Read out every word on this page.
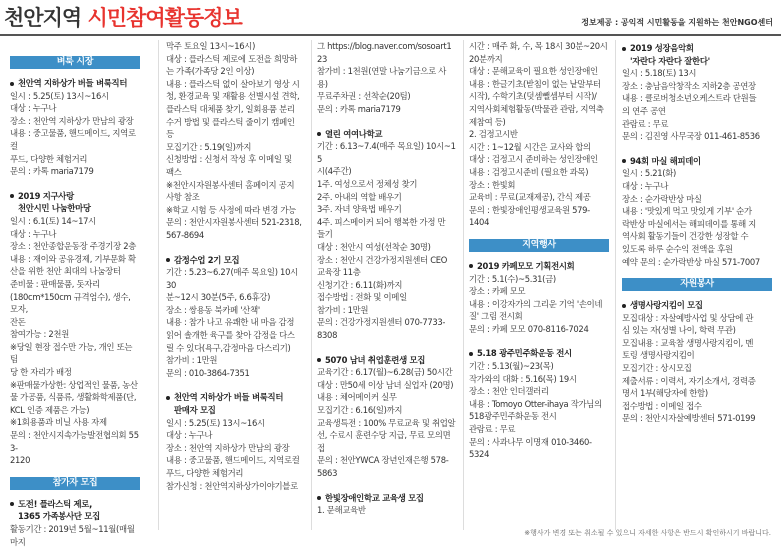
천안지역 시민참여활동정보	정보제공 : 공익적 시민활동을 지원하는 천안NGO센터
벼룩 시장
천안역 지하상가 버들 벼룩직터
일시 : 5.25(토) 13시~16시
대상 : 누구나
장소 : 천안역 지하상가 만남의 광장
내용 : 중고물품, 핸드메이드, 지역로컬
푸드, 다양한 체험거리
문의 : 카톡 maria7179
2019 지구사랑
천안시민 나눔한마당
일시 : 6.1(토) 14~17시
대상 : 누구나
장소 : 천안종합운동장 주경기장 2층
내용 : 재이와 공유경제, 기부문화 확
산을 위한 천안 최대의 나눔장터
준비물 : 판매물품, 돗자리
(180cm*150cm 규격엄수), 생수, 모자,
잔돈
참여가능 : 2천원
※당일 현장 접수만 가능, 개인 또는 팀
당 한 자리가 배정
※판매물가상한: 상업적인 물품, 농산
물 가공품, 식품류, 생활화학제품(단,
KCL 인증 제품은 가능)
※1회용품과 비닐 사용 자제
문의 : 천안시지속가능발전협의회 553-
2120
참가자 모집
도전! 플라스틱 제로,
1365 가족봉사단 모집
활동기간 : 2019년 5월~11월(매월 마지
막주 토요일 13시~16시)
대상 : 플라스틱 제로에 도전을 희망하
는 가족(가족당 2인 이상)
내용 : 플라스틱 없이 살아보기 영상 시
청, 환경교육 및 재활용 선별시설 견학,
플라스틱 대체품 찾기, 일회용품 분리
수거 방법 및 플라스틱 줄이기 캠페인
등
모집기간 : 5.19(일)까지
신청방법 : 신청서 작성 후 이메일 및
팩스
※천안시자원봉사센터 홈페이지 공지
사항 참조
※학교 시험 등 사정에 따라 변경 가능
문의 : 천안시자원봉사센터 521-2318,
567-8694
감정수업 2기 모집
기간 : 5.23~6.27(매주 목요일) 10시 30
분~12시 30분(5주, 6.6휴강)
장소 : 쌍용동 북카페 '산책'
내용 : 참가 나고 유쾌한 내 마음 감정
읽어 솔개한 육구를 찾아 감정을 다스
릴 수 있다(욕구,감정마음 다스리기)
참가비 : 1만원
문의 : 010-3864-7351
천안역 지하상가 버들 벼룩직터
판매자 모집
일시 : 5.25(토) 13시~16시
대상 : 누구나
장소 : 천안역 지하상가 만남의 광장
내용 : 중고물품, 핸드메이드, 지역로컬
푸드, 다양한 체험거리
참가신청 : 천안역지하상가이야기블로
그 https://blog.naver.com/sosoart123
참가비 : 1천원(연말 나눔기금으로 사용)
무료주차권 : 선착순(20팀)
문의 : 카톡 maria7179
열린 여여나학교
기간 : 6.13~7.4(매주 목요일) 10시~15
시(4주간)
1주. 여성으로서 정체성 찾기
2주. 아내의 역할 배우기
3주. 자녀 양육법 배우기
4주. 피스메이커 되어 행복한 가정 만
들기
대상 : 천안시 여성(선착순 30명)
장소 : 천안시 건강가정지원센터 CEO
교육장 11층
신청기간 : 6.11(화)까지
접수방법 : 전화 및 이메일
참가비 : 1만원
문의 : 건강가정지원센터 070-7733-
8308
5070 남녀 취업훈련생 모집
교육기간 : 6.17(월)~6.28(금) 50시간
대상 : 만50세 이상 남녀 실업자 (20명)
내용 : 체어메이커 실무
모집기간 : 6.16(일)까지
교육생특전 : 100% 무료교육 및 취업알
선, 수료시 훈련수당 지급, 무료 모의면
접
문의 : 천안YWCA 장년인재은행 578-
5863
한빛장애인학교 교육생 모집
1. 문해교육반
시간 : 매주 화, 수, 목 18시 30분~20시
20분까지
대상 : 문해교육이 필요한 성인장애인
내용 : 한글기초(받침이 없는 낱말부터
시작), 수학기초(덧셈뺄셈부터 시작)/
지역사회체험활동(박물관 관람, 지역축
제참여 등)
2. 검정고시반
시간 : 1~12월 시간은 교사와 합의
대상 : 검정고시 준비하는 성인장애인
내용 : 검정고시준비 (필요한 과목)
장소 : 한빛회
교육비 : 무료(교재제공), 간식 제공
문의 : 한빛장애인평생교육원 579-
1404
지역행사
2019 카페모모 기획전시회
기간 : 5.1(수)~5.31(금)
장소 : 카페 모모
내용 : 이강자가의 그리운 기억 '손이네
질' 그림 전시회
문의 : 카페 모모 070-8116-7024
5.18 광주민주화운동 전시
기간 : 5.13(월)~23(목)
작가와의 대화 : 5.16(목) 19시
장소 : 천안 인더갤러리
내용 : Tomoyo Otter-ihaya 작가님의
518광주민주화운동 전시
관람료 : 무료
문의 : 사과나무 이명재 010-3460-
5324
2019 성장음악회
'자란다 자란다 잘한다'
일시 : 5.18(토) 13시
장소 : 충남음악창작소 지하2층 공연장
내용 : 클로버청소년오케스트라 단원들
의 연주 공연
관람료 : 무료
문의 : 김진영 사무국장 011-461-8536
94회 마실 해피데이
일시 : 5.21(화)
대상 : 누구나
장소 : 순가락반상 마실
내용 : '맛있게 먹고 맛있게 기부' 순가
락반상 마실에서는 해피데이를 통해 지
역사회 활동기들이 건강한 성장할 수
있도록 하루 순수익 전액을 후원
예약 문의 : 순가락반상 마실 571-7007
자원봉사
생명사랑지킴이 모집
모집대상 : 자살예방사업 및 상담에 관
심 있는 자(성별 나이, 학력 무관)
모집내용 : 교육참 생명사랑지킴이, 멘
토링 생명사랑지킴이
모집기간 : 상시모집
제출서류 : 이력서, 자기소개서, 경력증
명서 1부(해당자에 한함)
접수방법 : 이메일 접수
문의 : 천안시자살예방센터 571-0199
※행사가 변경 또는 취소될 수 있으니 자세한 사항은 반드시 확인하시기 바랍니다.
